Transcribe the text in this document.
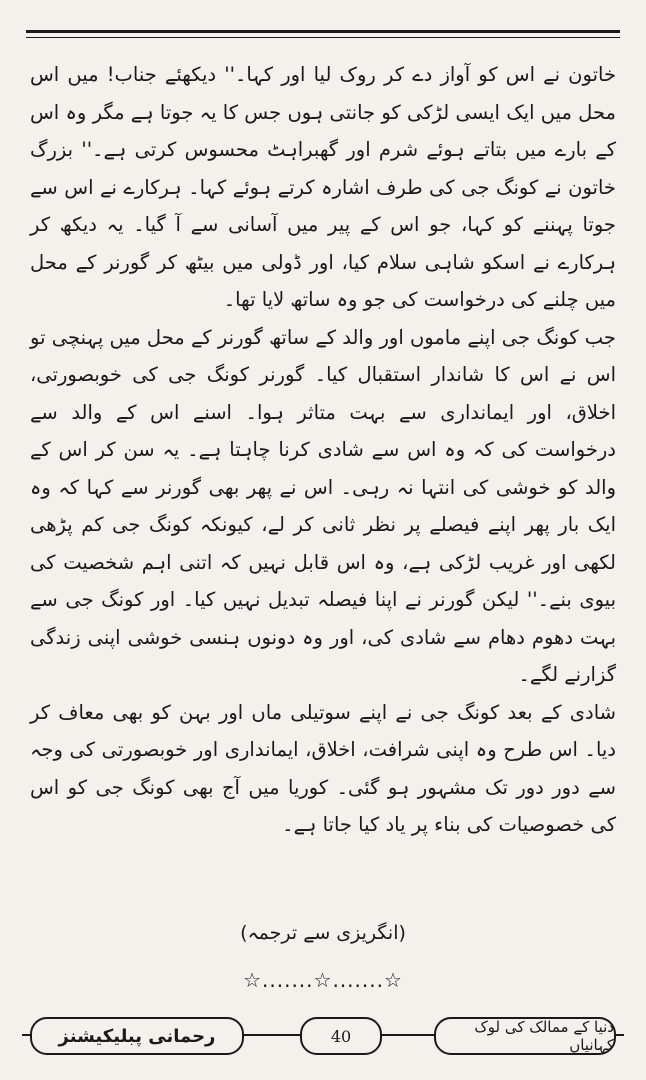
خاتون نے اس کو آواز دے کر روک لیا اور کہا۔'' دیکھئے جناب! میں اس محل میں ایک ایسی لڑکی کو جانتی ہوں جس کا یہ جوتا ہے مگر وہ اس کے بارے میں بتاتے ہوئے شرم اور گھبراہٹ محسوس کرتی ہے۔'' بزرگ خاتون نے کونگ جی کی طرف اشارہ کرتے ہوئے کہا۔ ہرکارے نے اس سے جوتا پہننے کو کہا، جو اس کے پیر میں آسانی سے آ گیا۔ یہ دیکھ کر ہرکارے نے اسکو شاہی سلام کیا، اور ڈولی میں بیٹھ کر گورنر کے محل میں چلنے کی درخواست کی جو وہ ساتھ لایا تھا۔

جب کونگ جی اپنے ماموں اور والد کے ساتھ گورنر کے محل میں پہنچی تو اس نے اس کا شاندار استقبال کیا۔ گورنر کونگ جی کی خوبصورتی، اخلاق، اور ایمانداری سے بہت متاثر ہوا۔ اسنے اس کے والد سے درخواست کی کہ وہ اس سے شادی کرنا چاہتا ہے۔ یہ سن کر اس کے والد کو خوشی کی انتہا نہ رہی۔ اس نے پھر بھی گورنر سے کہا کہ وہ ایک بار پھر اپنے فیصلے پر نظر ثانی کر لے، کیونکہ کونگ جی کم پڑھی لکھی اور غریب لڑکی ہے، وہ اس قابل نہیں کہ اتنی اہم شخصیت کی بیوی بنے۔'' لیکن گورنر نے اپنا فیصلہ تبدیل نہیں کیا۔ اور کونگ جی سے بہت دھوم دھام سے شادی کی، اور وہ دونوں ہنسی خوشی اپنی زندگی گزارنے لگے۔

شادی کے بعد کونگ جی نے اپنے سوتیلی ماں اور بہن کو بھی معاف کر دیا۔ اس طرح وہ اپنی شرافت، اخلاق، ایمانداری اور خوبصورتی کی وجہ سے دور دور تک مشہور ہو گئی۔ کوریا میں آج بھی کونگ جی کو اس کی خصوصیات کی بناء پر یاد کیا جاتا ہے۔

(انگریزی سے ترجمہ)
☆.......☆.......☆
رحمانی پبلیکیشنز	40	دنیا کے ممالک کی لوک کہانیاں
